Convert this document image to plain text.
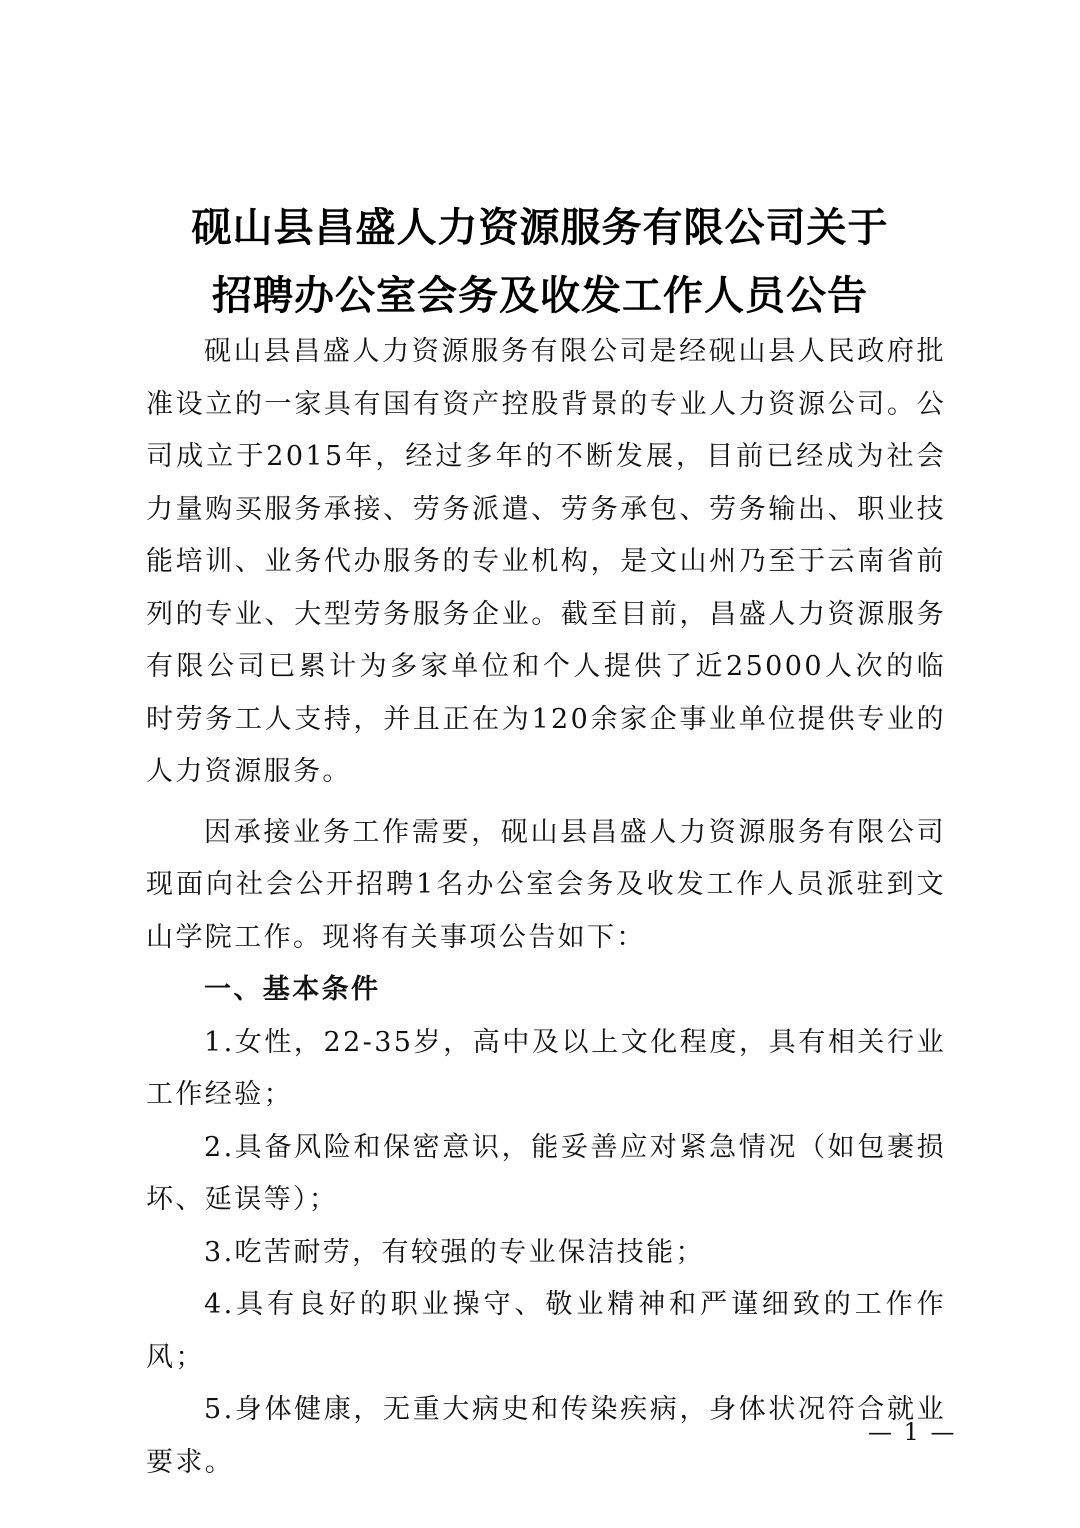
砚山县昌盛人力资源服务有限公司关于
招聘办公室会务及收发工作人员公告

砚山县昌盛人力资源服务有限公司是经砚山县人民政府批准设立的一家具有国有资产控股背景的专业人力资源公司。公司成立于2015年，经过多年的不断发展，目前已经成为社会力量购买服务承接、劳务派遣、劳务承包、劳务输出、职业技能培训、业务代办服务的专业机构，是文山州乃至于云南省前列的专业、大型劳务服务企业。截至目前，昌盛人力资源服务有限公司已累计为多家单位和个人提供了近25000人次的临时劳务工人支持，并且正在为120余家企事业单位提供专业的人力资源服务。

因承接业务工作需要，砚山县昌盛人力资源服务有限公司现面向社会公开招聘1名办公室会务及收发工作人员派驻到文山学院工作。现将有关事项公告如下：

一、基本条件

1.女性，22-35岁，高中及以上文化程度，具有相关行业工作经验；

2.具备风险和保密意识，能妥善应对紧急情况（如包裹损坏、延误等）；

3.吃苦耐劳，有较强的专业保洁技能；

4.具有良好的职业操守、敬业精神和严谨细致的工作作风；

5.身体健康，无重大病史和传染疾病，身体状况符合就业要求。

— 1 —
